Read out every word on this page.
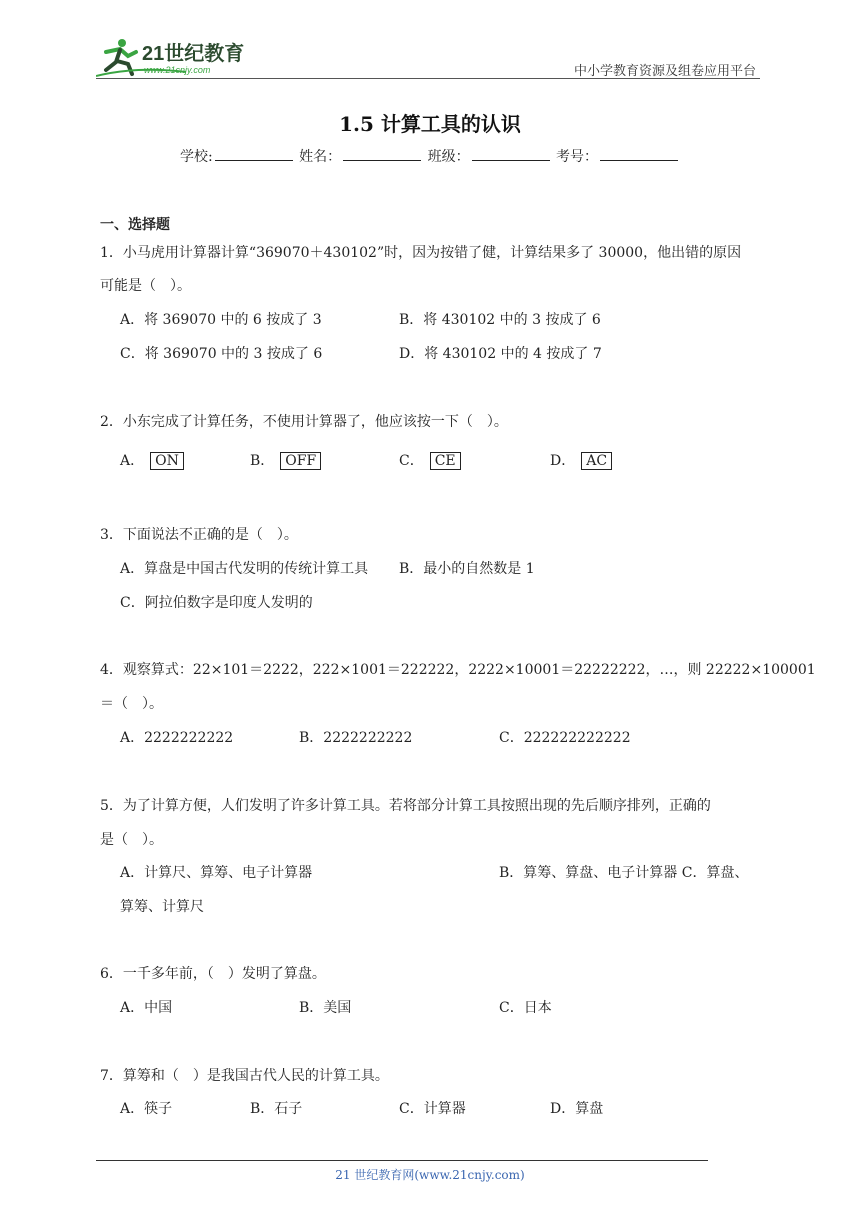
21世纪教育
www.21cnjy.com	中小学教育资源及组卷应用平台
1.5 计算工具的认识
学校:	姓名：	班级：	考号：
一、选择题
1．小马虎用计算器计算“369070＋430102”时，因为按错了健，计算结果多了 30000，他出错的原因
可能是（　）。
A．将 369070 中的 6 按成了 3	B．将 430102 中的 3 按成了 6
C．将 369070 中的 3 按成了 6	D．将 430102 中的 4 按成了 7
2．小东完成了计算任务，不使用计算器了，他应该按一下（　）。
A． ON	B． OFF	C． CE	D． AC
3．下面说法不正确的是（　）。
A．算盘是中国古代发明的传统计算工具 B．最小的自然数是 1
C．阿拉伯数字是印度人发明的
4．观察算式：22×101＝2222，222×1001＝222222，2222×10001＝22222222，…，则 22222×100001
＝（　）。
A．2222222222	B．2222222222	C．222222222222
5．为了计算方便，人们发明了许多计算工具。若将部分计算工具按照出现的先后顺序排列，正确的
是（　）。
A．计算尺、算筹、电子计算器	B．算筹、算盘、电子计算器 C．算盘、
算筹、计算尺
6．一千多年前，（　）发明了算盘。
A．中国	B．美国	C．日本
7．算筹和（　）是我国古代人民的计算工具。
A．筷子	B．石子	C．计算器	D．算盘
21 世纪教育网(www.21cnjy.com)
